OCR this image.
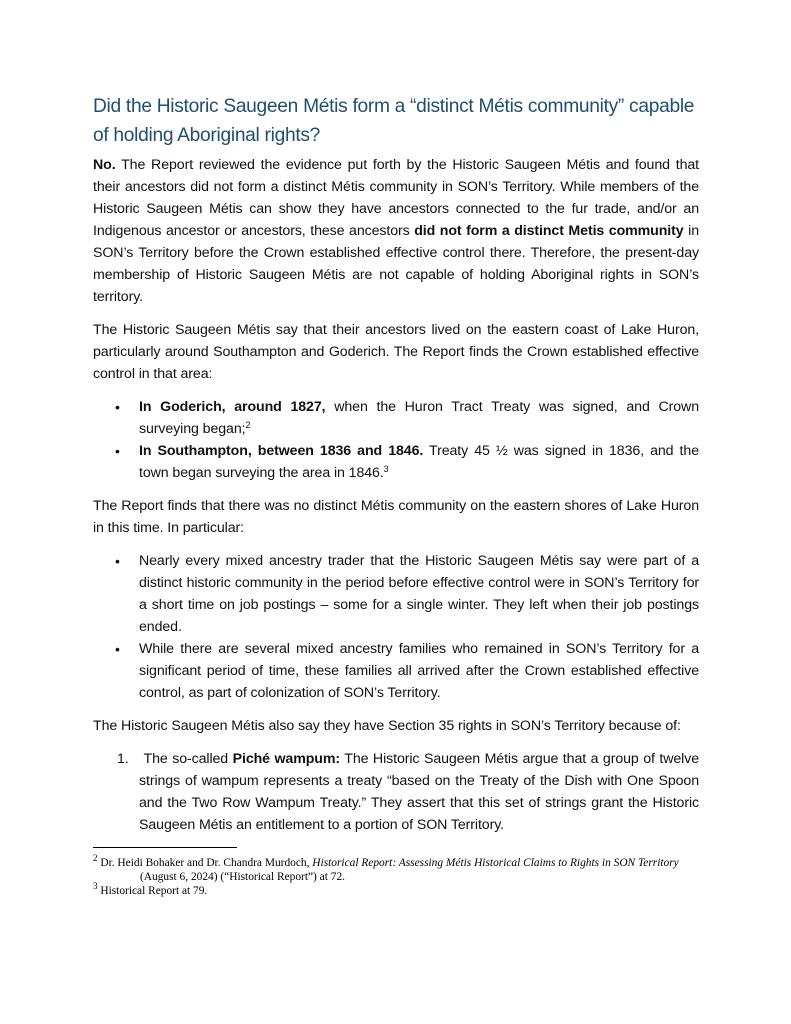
Did the Historic Saugeen Métis form a “distinct Métis community” capable of holding Aboriginal rights?

No. The Report reviewed the evidence put forth by the Historic Saugeen Métis and found that their ancestors did not form a distinct Métis community in SON’s Territory. While members of the Historic Saugeen Métis can show they have ancestors connected to the fur trade, and/or an Indigenous ancestor or ancestors, these ancestors did not form a distinct Metis community in SON’s Territory before the Crown established effective control there. Therefore, the present-day membership of Historic Saugeen Métis are not capable of holding Aboriginal rights in SON’s territory.

The Historic Saugeen Métis say that their ancestors lived on the eastern coast of Lake Huron, particularly around Southampton and Goderich. The Report finds the Crown established effective control in that area:

• In Goderich, around 1827, when the Huron Tract Treaty was signed, and Crown surveying began;$^2$
• In Southampton, between 1836 and 1846. Treaty 45 ½ was signed in 1836, and the town began surveying the area in 1846.$^3$

The Report finds that there was no distinct Métis community on the eastern shores of Lake Huron in this time. In particular:

• Nearly every mixed ancestry trader that the Historic Saugeen Métis say were part of a distinct historic community in the period before effective control were in SON’s Territory for a short time on job postings – some for a single winter. They left when their job postings ended.
• While there are several mixed ancestry families who remained in SON’s Territory for a significant period of time, these families all arrived after the Crown established effective control, as part of colonization of SON’s Territory.

The Historic Saugeen Métis also say they have Section 35 rights in SON’s Territory because of:

1. The so-called Piché wampum: The Historic Saugeen Métis argue that a group of twelve strings of wampum represents a treaty “based on the Treaty of the Dish with One Spoon and the Two Row Wampum Treaty.” They assert that this set of strings grant the Historic Saugeen Métis an entitlement to a portion of SON Territory.
$^2$ Dr. Heidi Bohaker and Dr. Chandra Murdoch, Historical Report: Assessing Métis Historical Claims to Rights in SON Territory (August 6, 2024) (“Historical Report”) at 72.
$^3$ Historical Report at 79.
